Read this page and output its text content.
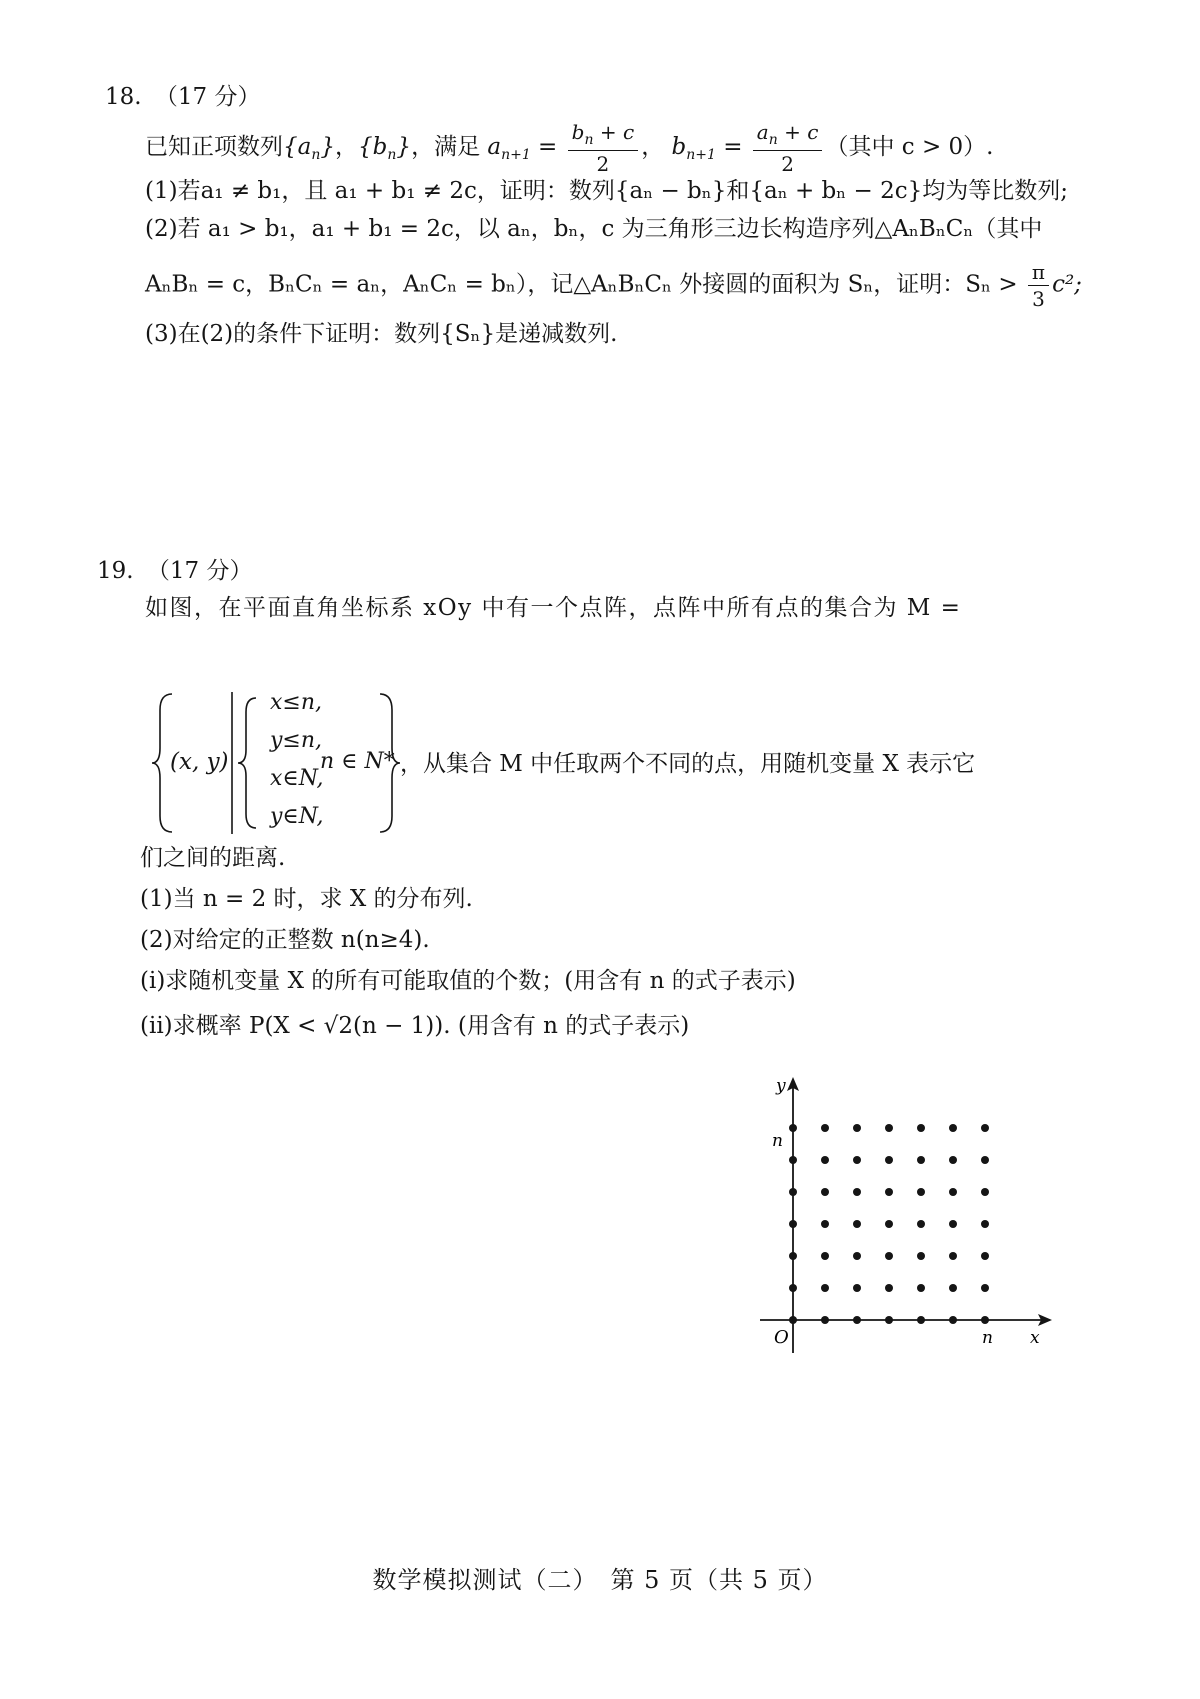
18. （17 分）
已知正项数列$\{a_n\}$，$\{b_n\}$，满足 $a_{n+1} = \frac{b_n + c}{2}$ ， $b_{n+1} = \frac{a_n + c}{2}$ （其中 c > 0）.
(1)若a₁ ≠ b₁，且 a₁ + b₁ ≠ 2c，证明：数列{aₙ − bₙ}和{aₙ + bₙ − 2c}均为等比数列;
(2)若 a₁ > b₁，a₁ + b₁ = 2c，以 aₙ，bₙ，c 为三角形三边长构造序列△AₙBₙCₙ（其中
AₙBₙ = c，BₙCₙ = aₙ，AₙCₙ = bₙ），记△AₙBₙCₙ 外接圆的面积为 Sₙ，证明：$S_n > \frac{\pi}{3} c^2$;
(3)在(2)的条件下证明：数列{Sₙ}是递减数列.
19. （17 分）
如图，在平面直角坐标系 xOy 中有一个点阵，点阵中所有点的集合为 M =
(x, y)
x≤n,
y≤n,
x∈N,
y∈N,
n ∈ N* ，从集合 M 中任取两个不同的点，用随机变量 X 表示它
们之间的距离.
(1)当 n = 2 时，求 X 的分布列.
(2)对给定的正整数 n(n≥4).
(i)求随机变量 X 的所有可能取值的个数；(用含有 n 的式子表示)
(ii)求概率 P(X < √2(n − 1)). (用含有 n 的式子表示)
y
n
O	n x
数学模拟测试（二）　第 5 页（共 5 页）
